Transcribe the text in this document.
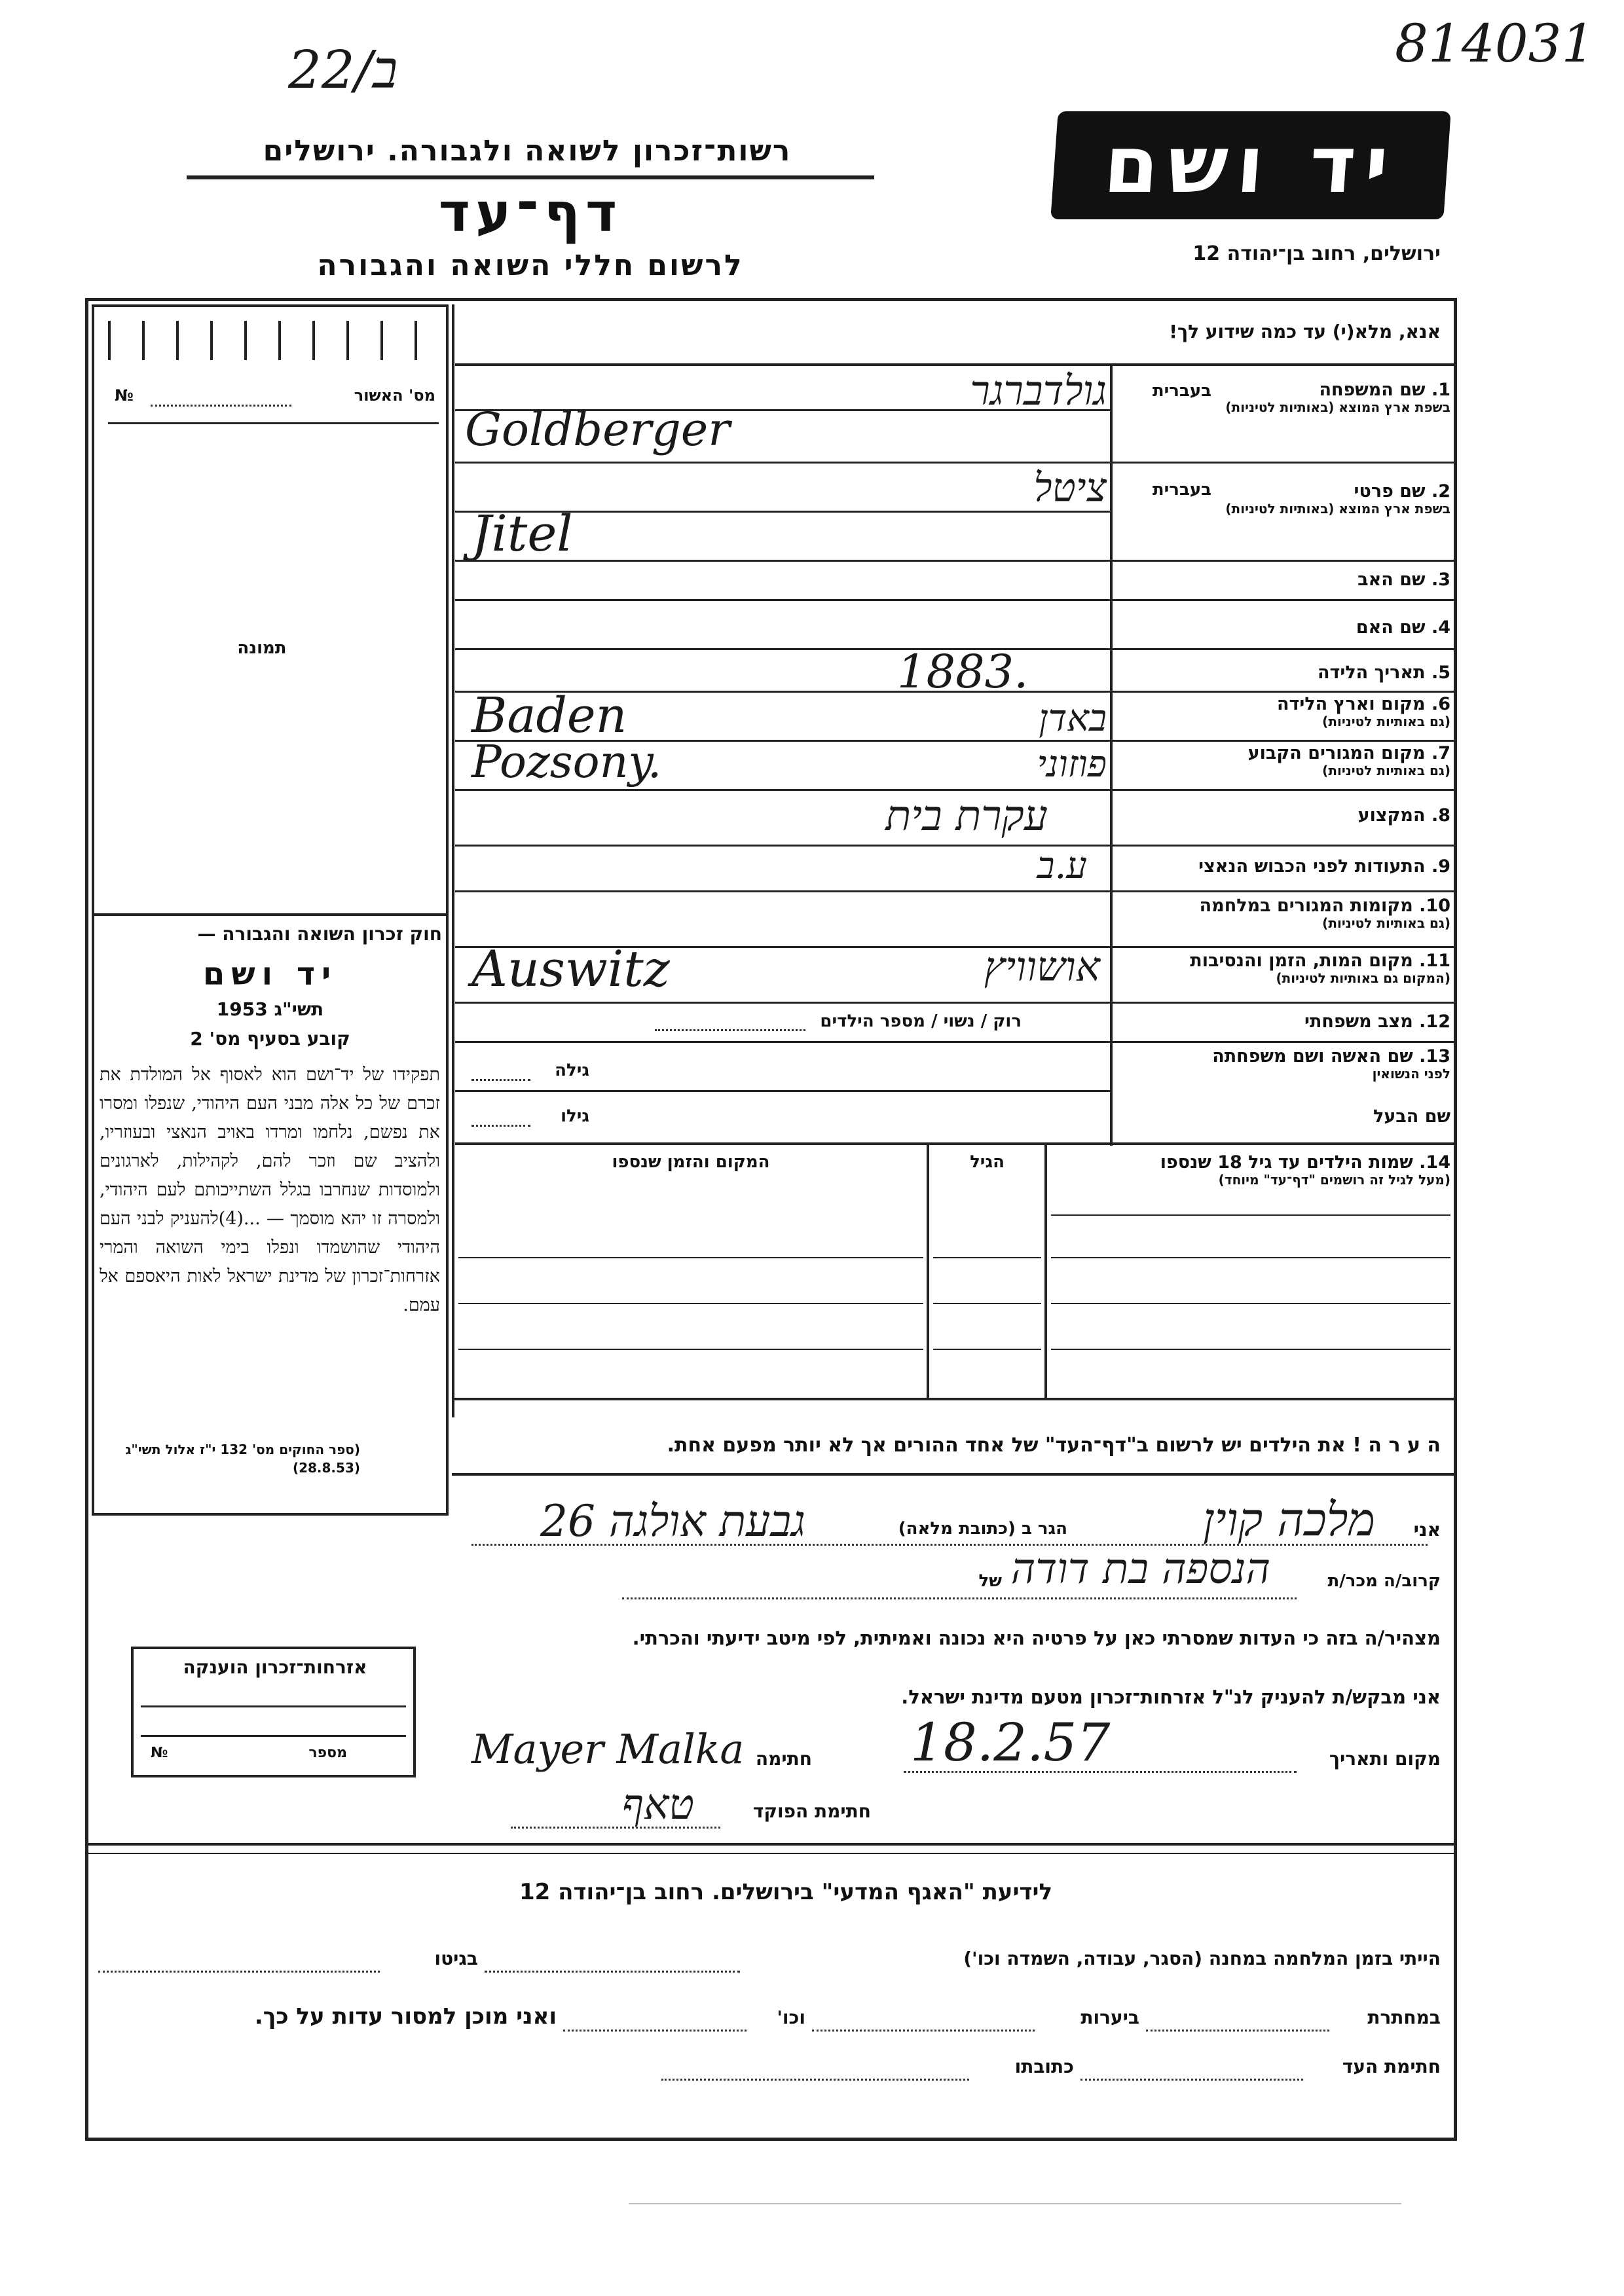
22/ב	814031
רשות־זכרון לשואה ולגבורה. ירושלים
דף־עד
לרשום חללי השואה והגבורה
יד ושם
ירושלים, רחוב בן־יהודה 12
מס' האשור
№
תמונה
חוק זכרון השואה והגבורה —
יד ושם
תשי"ג 1953
קובע בסעיף מס' 2
תפקידו של יד־ושם הוא לאסוף אל המולדת את זכרם של כל אלה מבני העם היהודי, שנפלו ומסרו את נפשם, נלחמו ומרדו באויב הנאצי ובעוזריו, ולהציב שם וזכר להם, לקהילות, לארגונים ולמוסדות שנחרבו בגלל השתייכותם לעם היהודי, ולמסרה זו יהא מוסמך — ...(4)להעניק לבני העם היהודי שהושמדו ונפלו בימי השואה והמרי אזרחות־זכרון של מדינת ישראל לאות היאספם אל עמם.
(ספר החוקים מס' 132 י"ז אלול תשי"ג (28.8.53)
אזרחות־זכרון הוענקה
מספר
№
אנא, מלא(י) עד כמה שידוע לך!
1. שם המשפחה
בשפת ארץ המוצא (באותיות לטיניות)
בעברית
גולדברגר
Goldberger
2. שם פרטי
בשפת ארץ המוצא (באותיות לטיניות)
בעברית
ציטל
Jitel
3. שם האב
4. שם האם
5. תאריך הלידה
1883.
6. מקום וארץ הלידה
(גם באותיות לטיניות)
Baden	באדן
7. מקום המגורים הקבוע
(גם באותיות לטיניות)
Pozsony.	פוזוני
8. המקצוע
עקרת בית
9. התעודות לפני הכבוש הנאצי
ע.ב
10. מקומות המגורים במלחמה
(גם באותיות לטיניות)
11. מקום המות, הזמן והנסיבות
(המקום גם באותיות לטיניות)
Auswitz	אושוויץ
12. מצב משפחתי
רוק / נשוי / מספר הילדים
13. שם האשה ושם משפחתה
לפני הנשואין
גילה
שם הבעל
גילו
14. שמות הילדים עד גיל 18 שנספו
(מעל לגיל זה רושמים "דף־עד" מיוחד)
הגיל
המקום והזמן שנספו
ה ע ר ה ! את הילדים יש לרשום ב"דף־העד" של אחד ההורים אך לא יותר מפעם אחת.
אני
מלכה קוין
הגר ב (כתובת מלאה)
גבעת אולגה 26
קרוב/ה מכר/ת
של הנספה בת דודה
מצהיר/ה בזה כי העדות שמסרתי כאן על פרטיה היא נכונה ואמיתית, לפי מיטב ידיעתי והכרתי.
אני מבקש/ת להעניק לנ"ל אזרחות־זכרון מטעם מדינת ישראל.
מקום ותאריך
18.2.57
חתימה
Mayer Malka
חתימת הפוקד
טאף
לידיעת "האגף המדעי" בירושלים. רחוב בן־יהודה 12
הייתי בזמן המלחמה במחנה (הסגר, עבודה, השמדה וכו')
בגיטו
במחתרת
ביערות
וכו'
ואני מוכן למסור עדות על כך.
חתימת העד
כתובתו
